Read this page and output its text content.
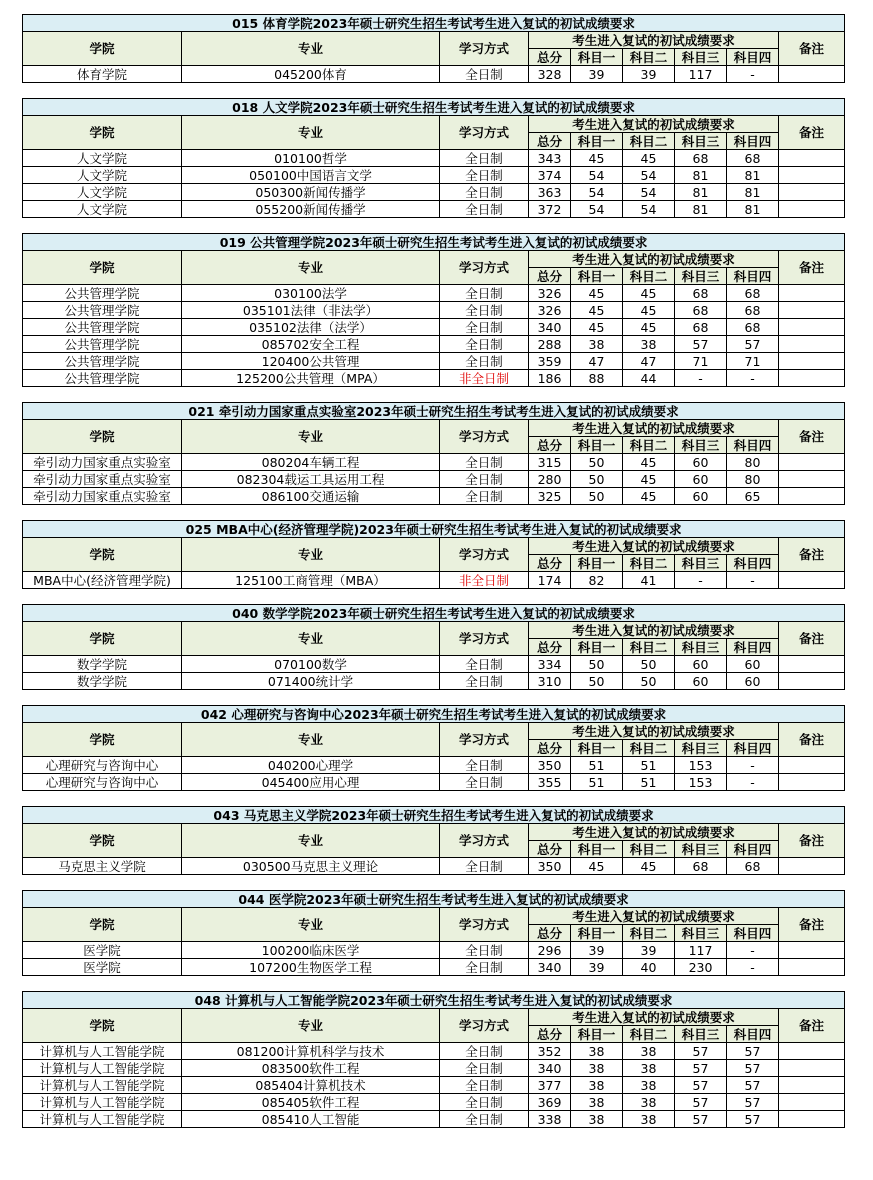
015 体育学院2023年硕士研究生招生考试考生进入复试的初试成绩要求								
学院	专业	学习方式	考生进入复试的初试成绩要求					备注
			总分	科目一	科目二	科目三	科目四	
体育学院	045200体育	全日制	328	39	39	117	-	
018 人文学院2023年硕士研究生招生考试考生进入复试的初试成绩要求								
学院	专业	学习方式	考生进入复试的初试成绩要求					备注
			总分	科目一	科目二	科目三	科目四	
人文学院	010100哲学	全日制	343	45	45	68	68	
人文学院	050100中国语言文学	全日制	374	54	54	81	81	
人文学院	050300新闻传播学	全日制	363	54	54	81	81	
人文学院	055200新闻传播学	全日制	372	54	54	81	81	
019 公共管理学院2023年硕士研究生招生考试考生进入复试的初试成绩要求								
学院	专业	学习方式	考生进入复试的初试成绩要求					备注
			总分	科目一	科目二	科目三	科目四	
公共管理学院	030100法学	全日制	326	45	45	68	68	
公共管理学院	035101法律（非法学）	全日制	326	45	45	68	68	
公共管理学院	035102法律（法学）	全日制	340	45	45	68	68	
公共管理学院	085702安全工程	全日制	288	38	38	57	57	
公共管理学院	120400公共管理	全日制	359	47	47	71	71	
公共管理学院	125200公共管理（MPA）	非全日制	186	88	44	-	-	
021 牵引动力国家重点实验室2023年硕士研究生招生考试考生进入复试的初试成绩要求								
学院	专业	学习方式	考生进入复试的初试成绩要求					备注
			总分	科目一	科目二	科目三	科目四	
牵引动力国家重点实验室	080204车辆工程	全日制	315	50	45	60	80	
牵引动力国家重点实验室	082304载运工具运用工程	全日制	280	50	45	60	80	
牵引动力国家重点实验室	086100交通运输	全日制	325	50	45	60	65	
025 MBA中心(经济管理学院)2023年硕士研究生招生考试考生进入复试的初试成绩要求								
学院	专业	学习方式	考生进入复试的初试成绩要求					备注
			总分	科目一	科目二	科目三	科目四	
MBA中心(经济管理学院)	125100工商管理（MBA）	非全日制	174	82	41	-	-	
040 数学学院2023年硕士研究生招生考试考生进入复试的初试成绩要求								
学院	专业	学习方式	考生进入复试的初试成绩要求					备注
			总分	科目一	科目二	科目三	科目四	
数学学院	070100数学	全日制	334	50	50	60	60	
数学学院	071400统计学	全日制	310	50	50	60	60	
042 心理研究与咨询中心2023年硕士研究生招生考试考生进入复试的初试成绩要求								
学院	专业	学习方式	考生进入复试的初试成绩要求					备注
			总分	科目一	科目二	科目三	科目四	
心理研究与咨询中心	040200心理学	全日制	350	51	51	153	-	
心理研究与咨询中心	045400应用心理	全日制	355	51	51	153	-	
043 马克思主义学院2023年硕士研究生招生考试考生进入复试的初试成绩要求								
学院	专业	学习方式	考生进入复试的初试成绩要求					备注
			总分	科目一	科目二	科目三	科目四	
马克思主义学院	030500马克思主义理论	全日制	350	45	45	68	68	
044 医学院2023年硕士研究生招生考试考生进入复试的初试成绩要求								
学院	专业	学习方式	考生进入复试的初试成绩要求					备注
			总分	科目一	科目二	科目三	科目四	
医学院	100200临床医学	全日制	296	39	39	117	-	
医学院	107200生物医学工程	全日制	340	39	40	230	-	
048 计算机与人工智能学院2023年硕士研究生招生考试考生进入复试的初试成绩要求								
学院	专业	学习方式	考生进入复试的初试成绩要求					备注
			总分	科目一	科目二	科目三	科目四	
计算机与人工智能学院	081200计算机科学与技术	全日制	352	38	38	57	57	
计算机与人工智能学院	083500软件工程	全日制	340	38	38	57	57	
计算机与人工智能学院	085404计算机技术	全日制	377	38	38	57	57	
计算机与人工智能学院	085405软件工程	全日制	369	38	38	57	57	
计算机与人工智能学院	085410人工智能	全日制	338	38	38	57	57	
